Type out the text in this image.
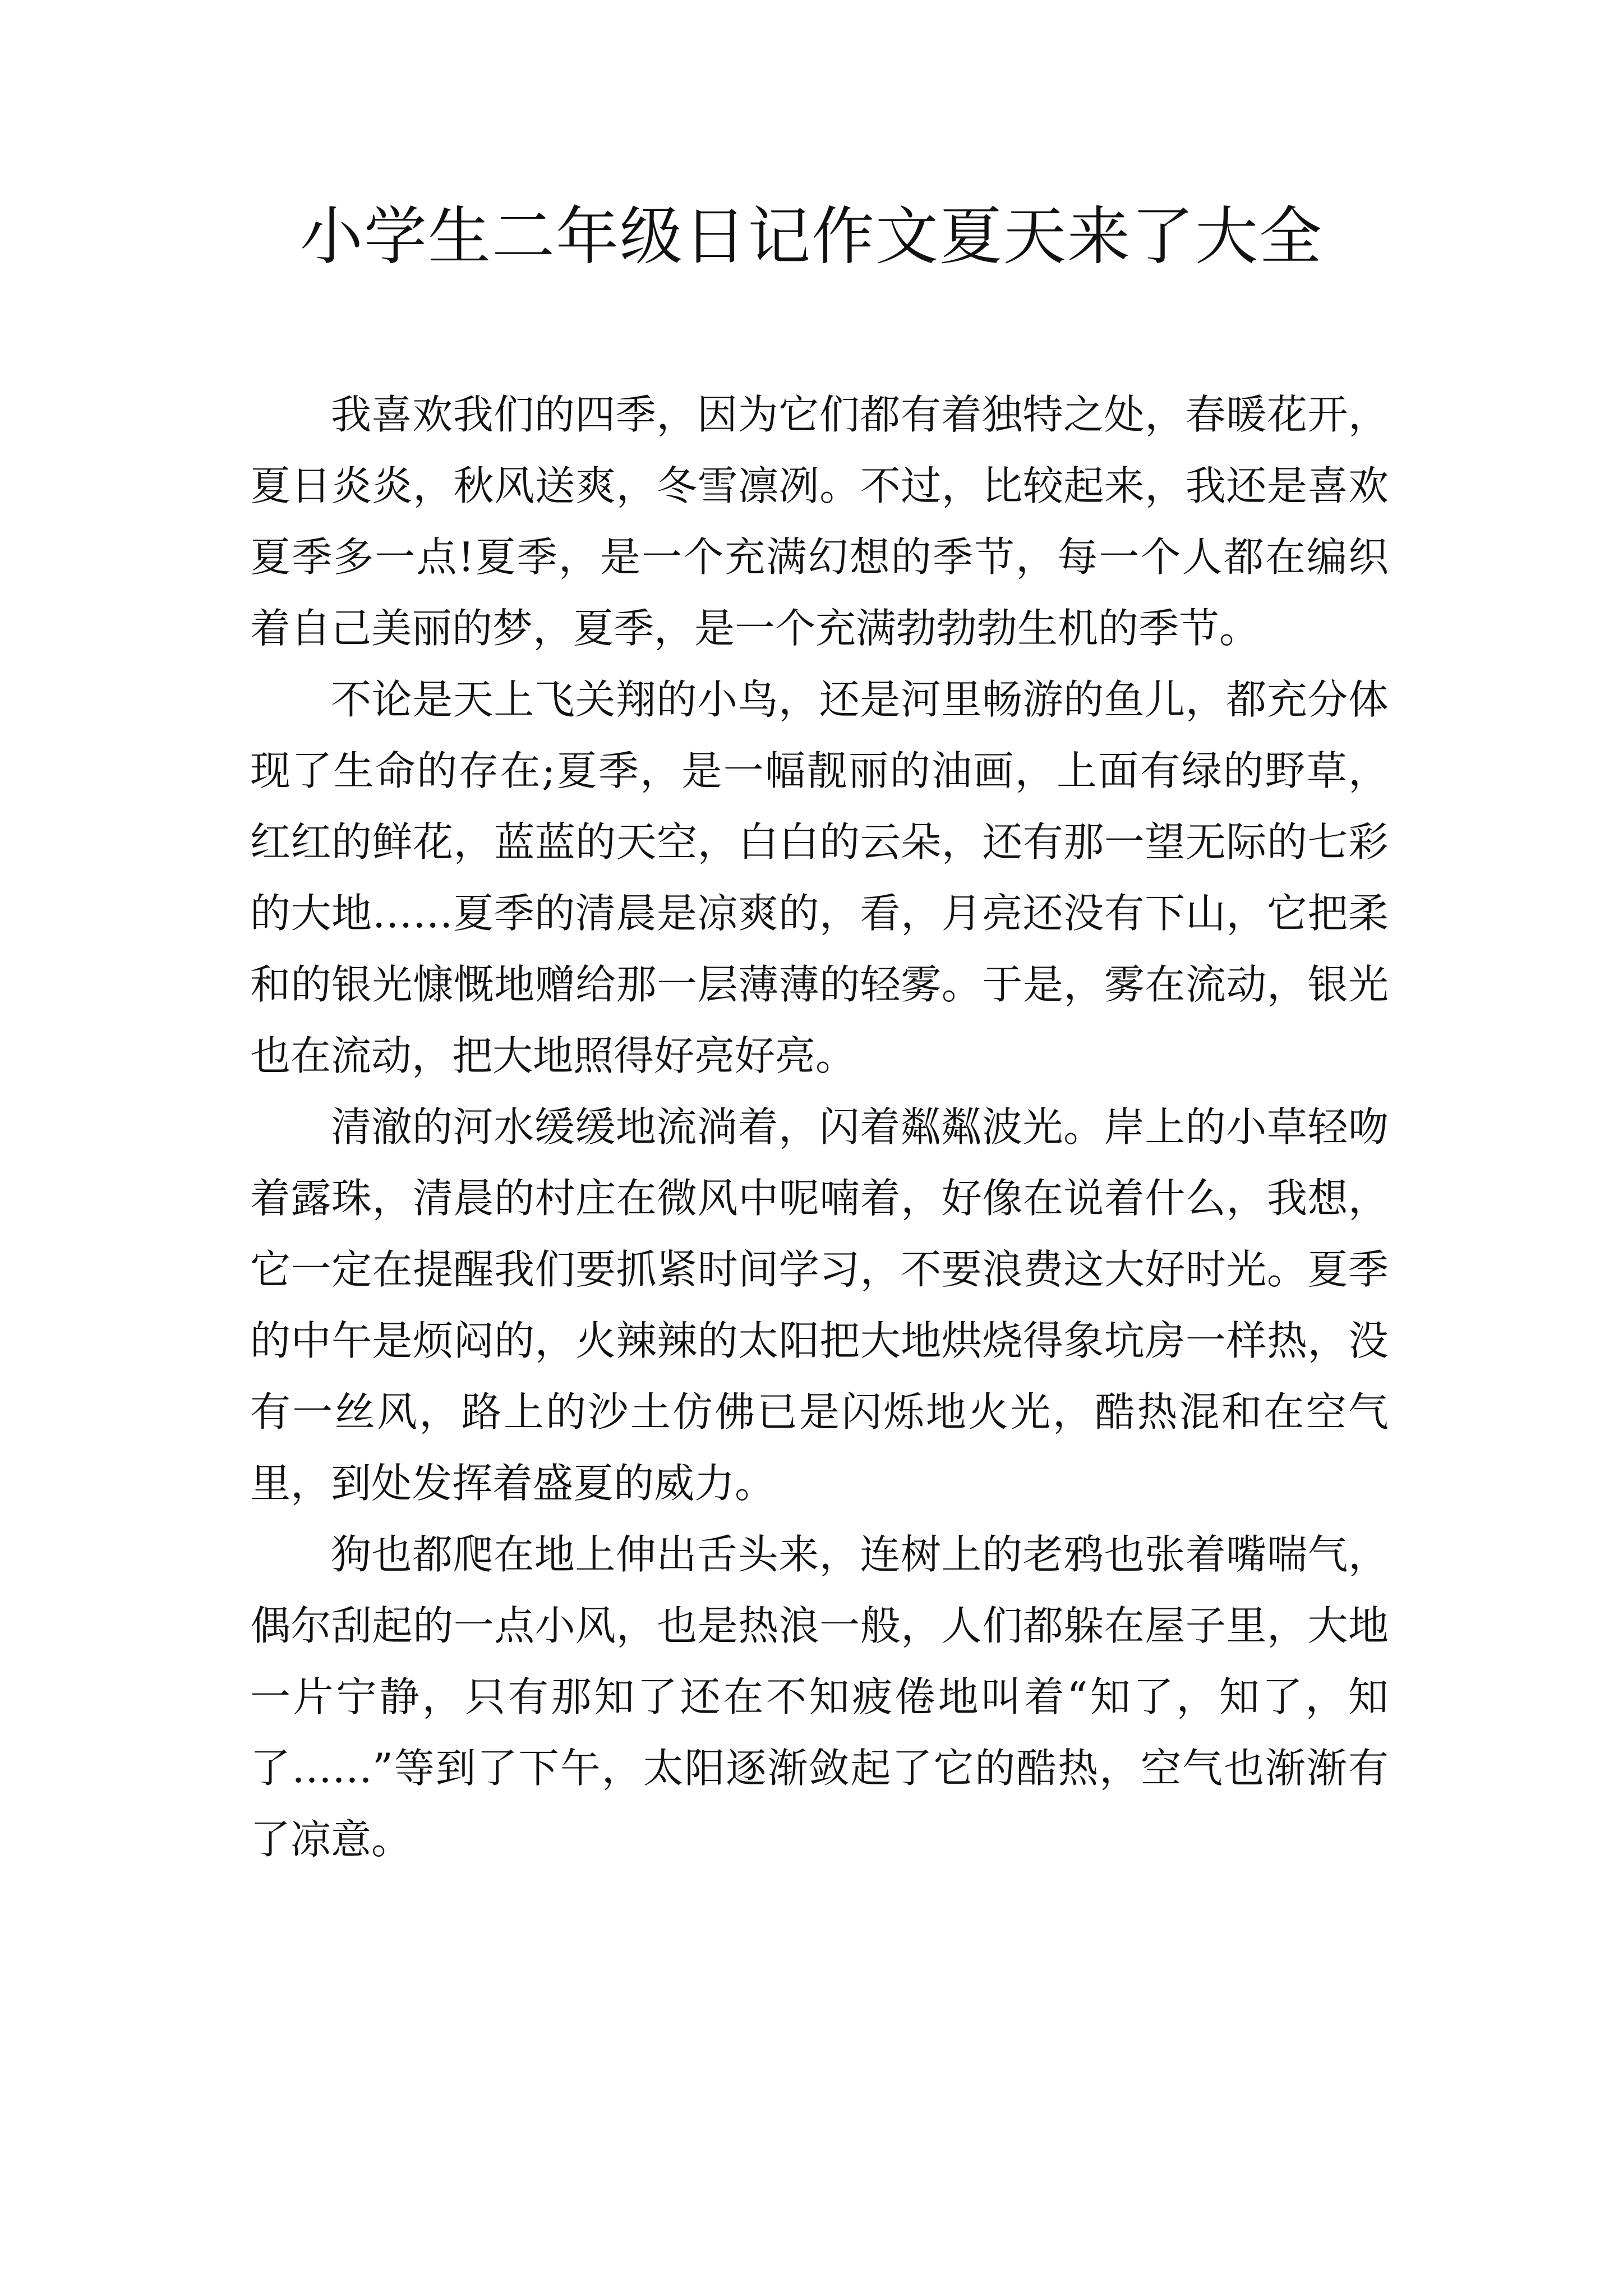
小学生二年级日记作文夏天来了大全

我喜欢我们的四季，因为它们都有着独特之处，春暖花开，夏日炎炎，秋风送爽，冬雪凛冽。不过，比较起来，我还是喜欢夏季多一点!夏季，是一个充满幻想的季节，每一个人都在编织着自己美丽的梦，夏季，是一个充满勃勃勃生机的季节。

不论是天上飞关翔的小鸟，还是河里畅游的鱼儿，都充分体现了生命的存在;夏季，是一幅靓丽的油画，上面有绿的野草，红红的鲜花，蓝蓝的天空，白白的云朵，还有那一望无际的七彩的大地……夏季的清晨是凉爽的，看，月亮还没有下山，它把柔和的银光慷慨地赠给那一层薄薄的轻雾。于是，雾在流动，银光也在流动，把大地照得好亮好亮。

清澈的河水缓缓地流淌着，闪着粼粼波光。岸上的小草轻吻着露珠，清晨的村庄在微风中呢喃着，好像在说着什么，我想，它一定在提醒我们要抓紧时间学习，不要浪费这大好时光。夏季的中午是烦闷的，火辣辣的太阳把大地烘烧得象坑房一样热，没有一丝风，路上的沙土仿佛已是闪烁地火光，酷热混和在空气里，到处发挥着盛夏的威力。

狗也都爬在地上伸出舌头来，连树上的老鸦也张着嘴喘气，偶尔刮起的一点小风，也是热浪一般，人们都躲在屋子里，大地一片宁静，只有那知了还在不知疲倦地叫着“知了，知了，知了……”等到了下午，太阳逐渐敛起了它的酷热，空气也渐渐有了凉意。
